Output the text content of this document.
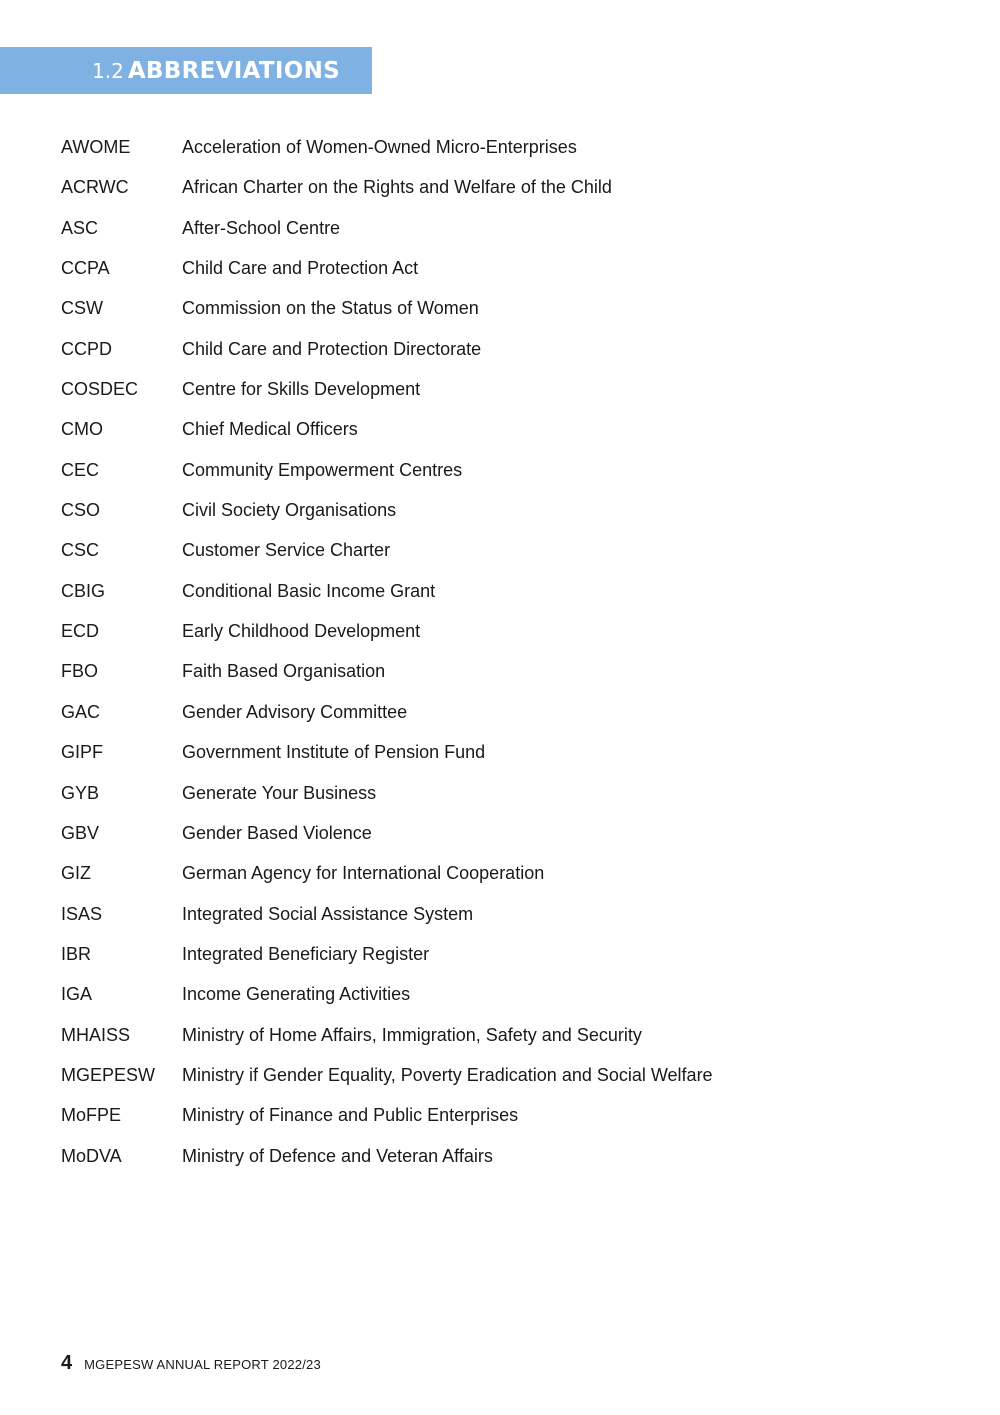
1.2 ABBREVIATIONS
AWOME	Acceleration of Women-Owned Micro-Enterprises
ACRWC	African Charter on the Rights and Welfare of the Child
ASC	After-School Centre
CCPA	Child Care and Protection Act
CSW	Commission on the Status of Women
CCPD	Child Care and Protection Directorate
COSDEC	Centre for Skills Development
CMO	Chief Medical Officers
CEC	Community Empowerment Centres
CSO	Civil Society Organisations
CSC	Customer Service Charter
CBIG	Conditional Basic Income Grant
ECD	Early Childhood Development
FBO	Faith Based Organisation
GAC	Gender Advisory Committee
GIPF	Government Institute of Pension Fund
GYB	Generate Your Business
GBV	Gender Based Violence
GIZ	German Agency for International Cooperation
ISAS	Integrated Social Assistance System
IBR	Integrated Beneficiary Register
IGA	Income Generating Activities
MHAISS	Ministry of Home Affairs, Immigration, Safety and Security
MGEPESW	Ministry if Gender Equality, Poverty Eradication and Social Welfare
MoFPE	Ministry of Finance and Public Enterprises
MoDVA	Ministry of Defence and Veteran Affairs
4 MGEPESW ANNUAL REPORT 2022/23
